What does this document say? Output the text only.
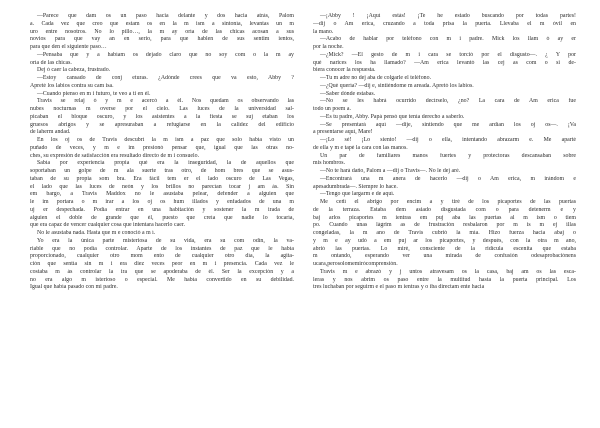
—Parece que dam os un paso hacia delante y dos hacia atrás, Palom

a. Cada vez que creo que estam os en la m ism a sintonía, levantas un m

uro entre nosotros. No lo pillo…, la m ay oría de las chicas acosan a sus

novios para que vay an en serio, para que hablen de sus sentim ientos,

para que den el siguiente paso…

—Pensaba que y a habíam os dejado claro que no soy com o la m ay

oría de las chicas.

Dej ó caer la cabeza, frustrado.

—Estoy cansado de conj eturas. ¿Adónde crees que va esto, Abby ?

Apreté los labios contra su cam isa.

—Cuando pienso en m i futuro, te veo a ti en él.

Travis se relaj ó y m e acercó a él. Nos quedam os observando las

nubes nocturnas m overse por el cielo. Las luces de la universidad sal-

picaban el bloque oscuro, y los asistentes a la fiesta se suj etaban los

gruesos abrigos y se apresuraban a refugiarse en la calidez del edificio

de laherm andad.

En los oj os de Travis descubrí la m ism a paz que solo había visto un

puñado de veces, y m e im presionó pensar que, igual que las otras no-

ches, su expresión de satisfacción era resultado directo de m i consuelo.

Sabía por experiencia propia qué era la inseguridad, la de aquellos que

soportaban un golpe de m ala suerte tras otro, de hom bres que se asus-

taban de su propia som bra. Era fácil tem er el lado oscuro de Las Vegas,

el lado que las luces de neón y los brillos no parecían tocar j am ás. Sin

em bargo, a Travis Maddox no le asustaba pelear, defender a alguien que

le im portara o m irar a los oj os hum illados y enfadados de una m

uj er despechada. Podía entrar en una habitación y sostener la m irada de

alguien el doble de grande que él, puesto que creía que nadie lo tocaría,

que era capaz de vencer cualquier cosa que intentara hacerlo caer.

No le asustaba nada. Hasta que m e conoció a m í.

Yo era la única parte misteriosa de su vida, era su com odín, la va-

riable que no podía controlar. Aparte de los instantes de paz que le había

proporcionado, cualquier otro mom ento de cualquier otro día, la agita-

ción que sentía sin m i era diez veces peor en m i presencia. Cada vez le

costaba m ás controlar la ira que se apoderaba de él. Ser la excepción y a

no era algo m isterioso o especial. Me había convertido en su debilidad.

Igual que había pasado con mi padre.

—¡Abby ! ¡Aquí estás! ¡Te he estado buscando por todas partes!

—dij o Am erica, cruzando a toda prisa la puerta. Llevaba el m óvil en

la mano.

—Acabo de hablar por teléfono con m i padre. Mick los llam ó ay er

por la noche.

—¿Mick? —El gesto de m i cara se torció por el disgusto—. ¿ Y por

qué narices los ha llamado? —Am erica levantó las cej as com o si de-

biera conocer la respuesta.

—Tu m adre no dej aba de colgarle el teléfono.

—¿Qué quería? —dij e, sintiéndome m areada. Apretó los labios.

—Saber dónde estabas.

—No se les habrá ocurrido decírselo, ¿no? La cara de Am erica fue

todo un poem a.

—Es tu padre, Abby. Papá pensó que tenía derecho a saberlo.

—Se presentará aquí —dije, sintiendo que me ardían los oj os—. ¡Va

a presentarse aquí, Mare!

—¡Lo sé! ¡Lo siento! —dij o ella, intentando abrazarm e. Me aparté

de ella y m e tapé la cara con las manos.

Un par de familiares manos fuertes y protectoras descansaban sobre

mis hombros.

—No te hará daño, Palom a —dij o Travis—. No le dej aré.

—Encontrará una m anera de hacerlo —dij o Am erica, m irándom e

apesadumbrada—. Siempre lo hace.

—Tengo que largarm e de aquí.

Me ceñí el abrigo por encim a y tiré de los picaportes de las puertas

de la terraza. Estaba dem asiado disgustada com o para detenerm e y

baj arlos picaportes m ientras em puj aba las puertas al m ism o tiem

po. Cuando unas lágrim as de frustración resbalaron por m is m ej illas

congeladas, la m ano de Travis cubrió la mía. Hizo fuerza hacia abaj o

y m e ay udó a em puj ar los picaportes, y después, con la otra m ano,

abrió las puertas. Lo miré, consciente de la ridícula escenita que estaba

m ontando, esperando ver una mirada de confusión odesaprobaciónens

ucara,perosolomemirócomprensión.

Travis m e abrazó y j untos atravesam os la casa, baj am os las esca-

leras y nos abrim os paso entre la multitud hasta la puerta principal. Los

tres luchaban por seguirm e el paso m ientras y o iba directam ente hacia
